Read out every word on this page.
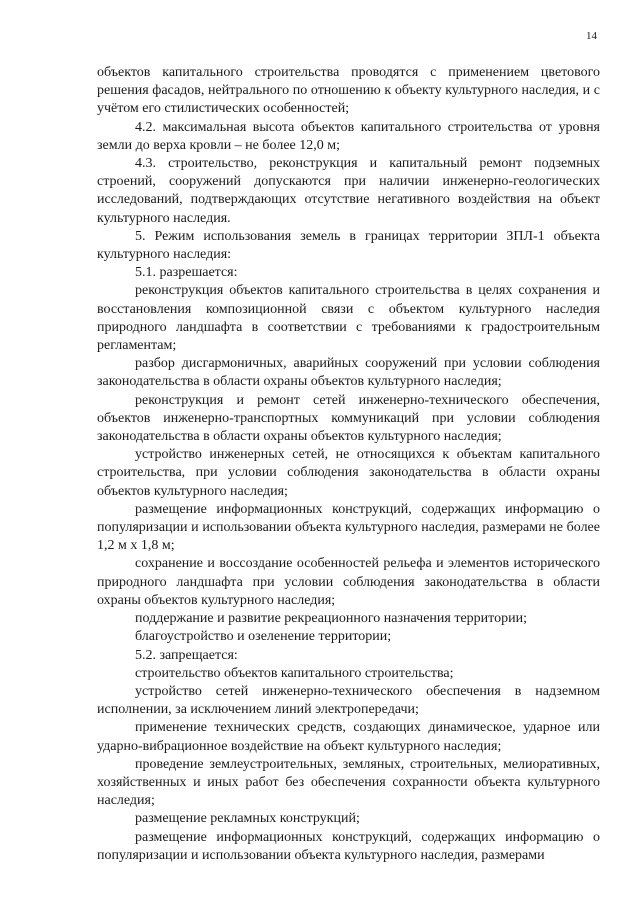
14

объектов капитального строительства проводятся с применением цветового решения фасадов, нейтрального по отношению к объекту культурного наследия, и с учётом его стилистических особенностей;

4.2. максимальная высота объектов капитального строительства от уровня земли до верха кровли – не более 12,0 м;

4.3. строительство, реконструкция и капитальный ремонт подземных строений, сооружений допускаются при наличии инженерно-геологических исследований, подтверждающих отсутствие негативного воздействия на объект культурного наследия.

5. Режим использования земель в границах территории ЗПЛ-1 объекта культурного наследия:

5.1. разрешается:

реконструкция объектов капитального строительства в целях сохранения и восстановления композиционной связи с объектом культурного наследия природного ландшафта в соответствии с требованиями к градостроительным регламентам;

разбор дисгармоничных, аварийных сооружений при условии соблюдения законодательства в области охраны объектов культурного наследия;

реконструкция и ремонт сетей инженерно-технического обеспечения, объектов инженерно-транспортных коммуникаций при условии соблюдения законодательства в области охраны объектов культурного наследия;

устройство инженерных сетей, не относящихся к объектам капитального строительства, при условии соблюдения законодательства в области охраны объектов культурного наследия;

размещение информационных конструкций, содержащих информацию о популяризации и использовании объекта культурного наследия, размерами не более 1,2 м х 1,8 м;

сохранение и воссоздание особенностей рельефа и элементов исторического природного ландшафта при условии соблюдения законодательства в области охраны объектов культурного наследия;

поддержание и развитие рекреационного назначения территории;

благоустройство и озеленение территории;

5.2. запрещается:

строительство объектов капитального строительства;

устройство сетей инженерно-технического обеспечения в надземном исполнении, за исключением линий электропередачи;

применение технических средств, создающих динамическое, ударное или ударно-вибрационное воздействие на объект культурного наследия;

проведение землеустроительных, земляных, строительных, мелиоративных, хозяйственных и иных работ без обеспечения сохранности объекта культурного наследия;

размещение рекламных конструкций;

размещение информационных конструкций, содержащих информацию о популяризации и использовании объекта культурного наследия, размерами
